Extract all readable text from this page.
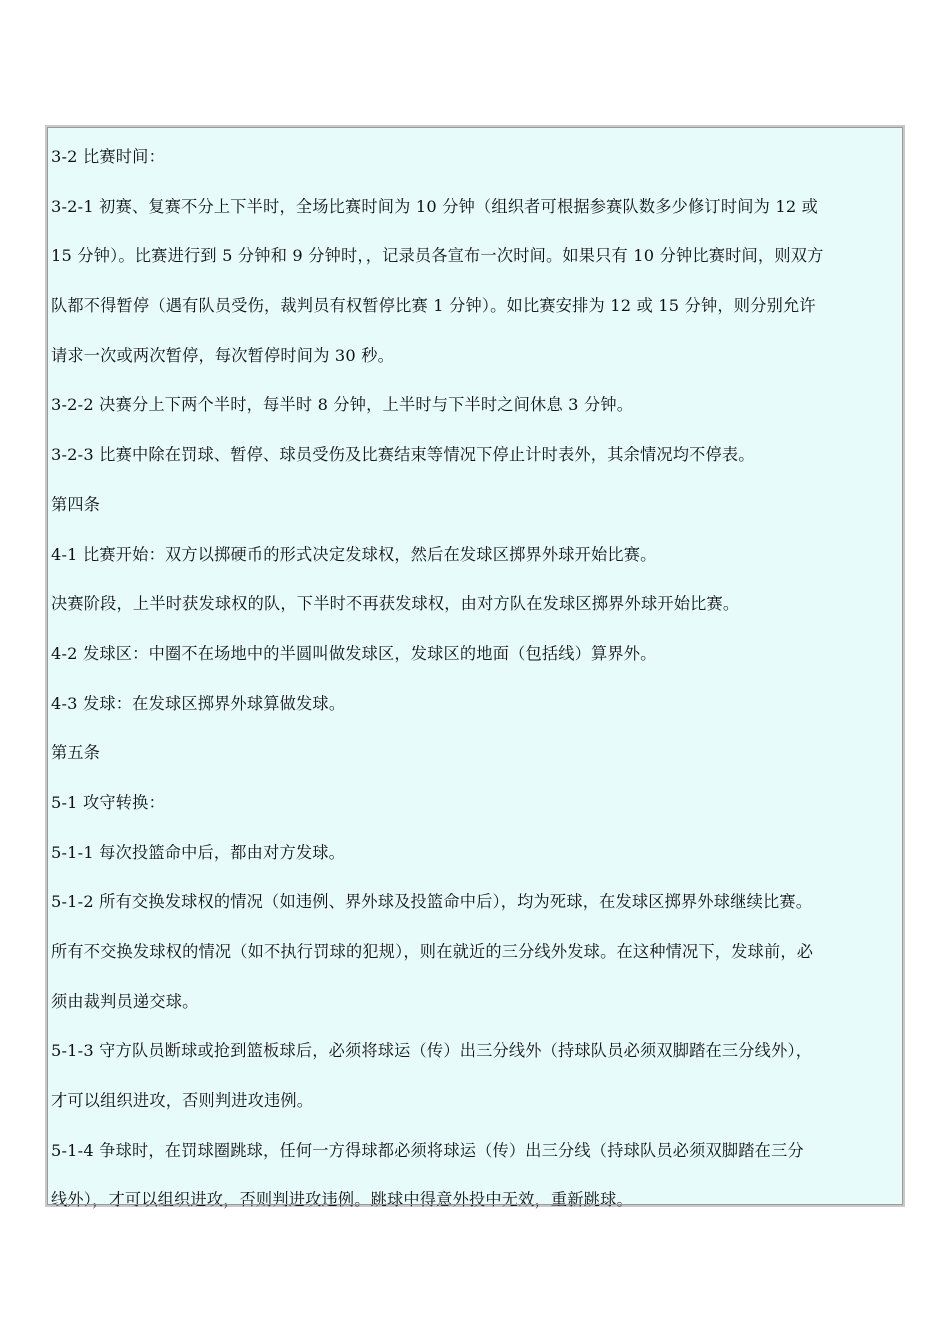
3-2 比赛时间：
3-2-1 初赛、复赛不分上下半时，全场比赛时间为 10 分钟（组织者可根据参赛队数多少修订时间为 12 或
15 分钟）。比赛进行到 5 分钟和 9 分钟时，，记录员各宣布一次时间。如果只有 10 分钟比赛时间，则双方
队都不得暂停（遇有队员受伤，裁判员有权暂停比赛 1 分钟）。如比赛安排为 12 或 15 分钟，则分别允许
请求一次或两次暂停，每次暂停时间为 30 秒。
3-2-2 决赛分上下两个半时，每半时 8 分钟，上半时与下半时之间休息 3 分钟。
3-2-3 比赛中除在罚球、暂停、球员受伤及比赛结束等情况下停止计时表外，其余情况均不停表。
第四条
4-1 比赛开始：双方以掷硬币的形式决定发球权，然后在发球区掷界外球开始比赛。
决赛阶段，上半时获发球权的队，下半时不再获发球权，由对方队在发球区掷界外球开始比赛。
4-2 发球区：中圈不在场地中的半圆叫做发球区，发球区的地面（包括线）算界外。
4-3 发球：在发球区掷界外球算做发球。
第五条
5-1 攻守转换：
5-1-1 每次投篮命中后，都由对方发球。
5-1-2 所有交换发球权的情况（如违例、界外球及投篮命中后），均为死球，在发球区掷界外球继续比赛。
所有不交换发球权的情况（如不执行罚球的犯规），则在就近的三分线外发球。在这种情况下，发球前，必
须由裁判员递交球。
5-1-3 守方队员断球或抢到篮板球后，必须将球运（传）出三分线外（持球队员必须双脚踏在三分线外），
才可以组织进攻，否则判进攻违例。
5-1-4 争球时，在罚球圈跳球，任何一方得球都必须将球运（传）出三分线（持球队员必须双脚踏在三分
线外），才可以组织进攻，否则判进攻违例。跳球中得意外投中无效，重新跳球。
